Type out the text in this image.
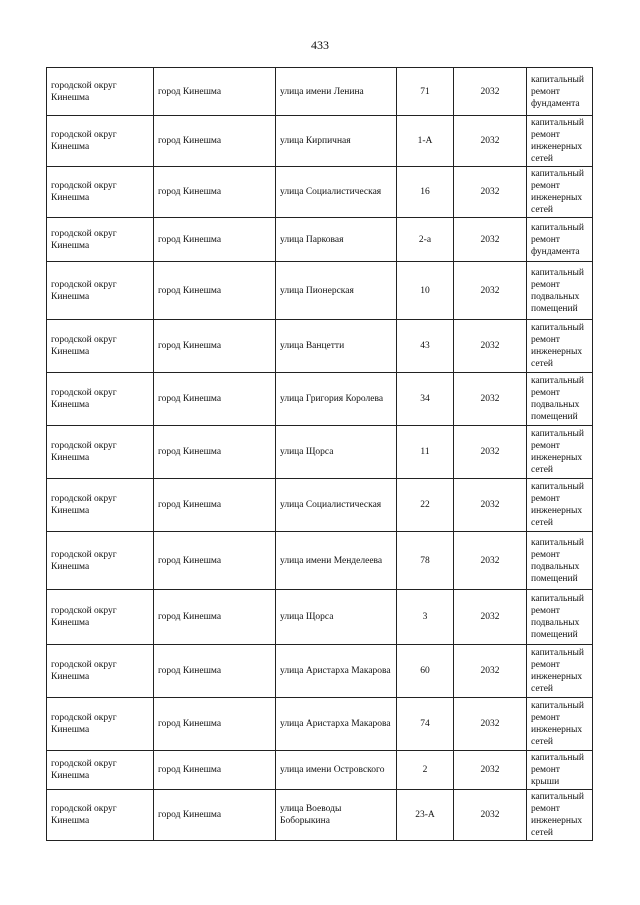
433
городской округ Кинешма	город Кинешма	улица имени Ленина	71	2032	капитальный ремонт фундамента
городской округ Кинешма	город Кинешма	улица Кирпичная	1-А	2032	капитальный ремонт инженерных сетей
городской округ Кинешма	город Кинешма	улица Социалистическая	16	2032	капитальный ремонт инженерных сетей
городской округ Кинешма	город Кинешма	улица Парковая	2-а	2032	капитальный ремонт фундамента
городской округ Кинешма	город Кинешма	улица Пионерская	10	2032	капитальный ремонт подвальных помещений
городской округ Кинешма	город Кинешма	улица Ванцетти	43	2032	капитальный ремонт инженерных сетей
городской округ Кинешма	город Кинешма	улица Григория Королева	34	2032	капитальный ремонт подвальных помещений
городской округ Кинешма	город Кинешма	улица Щорса	11	2032	капитальный ремонт инженерных сетей
городской округ Кинешма	город Кинешма	улица Социалистическая	22	2032	капитальный ремонт инженерных сетей
городской округ Кинешма	город Кинешма	улица имени Менделеева	78	2032	капитальный ремонт подвальных помещений
городской округ Кинешма	город Кинешма	улица Щорса	3	2032	капитальный ремонт подвальных помещений
городской округ Кинешма	город Кинешма	улица Аристарха Макарова	60	2032	капитальный ремонт инженерных сетей
городской округ Кинешма	город Кинешма	улица Аристарха Макарова	74	2032	капитальный ремонт инженерных сетей
городской округ Кинешма	город Кинешма	улица имени Островского	2	2032	капитальный ремонт крыши
городской округ Кинешма	город Кинешма	улица Воеводы Боборыкина	23-А	2032	капитальный ремонт инженерных сетей
